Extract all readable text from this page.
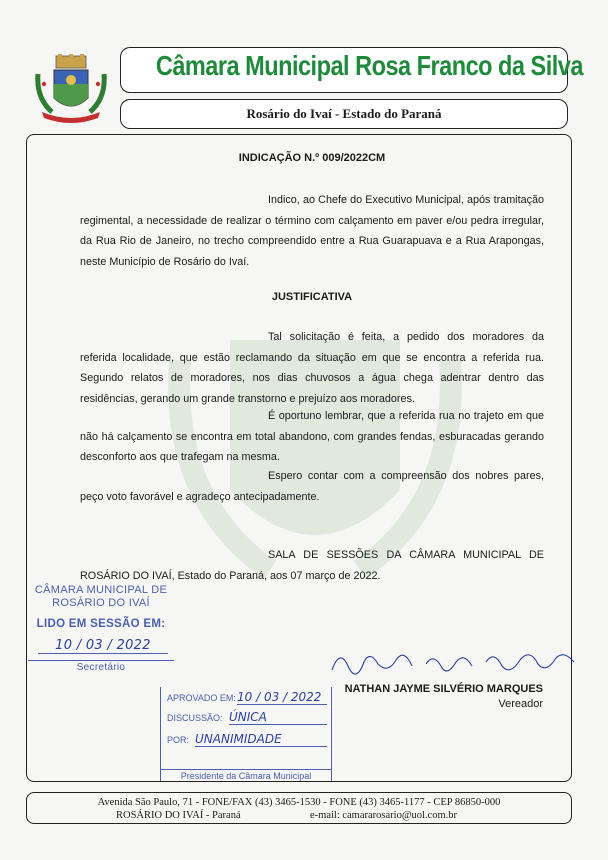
Câmara Municipal Rosa Franco da Silva
Rosário do Ivaí - Estado do Paraná
INDICAÇÃO N.º 009/2022CM
Indico, ao Chefe do Executivo Municipal, após tramitação regimental, a necessidade de realizar o término com calçamento em paver e/ou pedra irregular, da Rua Rio de Janeiro, no trecho compreendido entre a Rua Guarapuava e a Rua Arapongas, neste Município de Rosário do Ivaí.
JUSTIFICATIVA
Tal solicitação é feita, a pedido dos moradores da referida localidade, que estão reclamando da situação em que se encontra a referida rua. Segundo relatos de moradores, nos dias chuvosos a água chega adentrar dentro das residências, gerando um grande transtorno e prejuízo aos moradores.
É oportuno lembrar, que a referida rua no trajeto em que não há calçamento se encontra em total abandono, com grandes fendas, esburacadas gerando desconforto aos que trafegam na mesma.
Espero contar com a compreensão dos nobres pares, peço voto favorável e agradeço antecipadamente.
SALA DE SESSÕES DA CÂMARA MUNICIPAL DE ROSÁRIO DO IVAÍ, Estado do Paraná, aos 07 março de 2022.
CÂMARA MUNICIPAL DE
ROSÁRIO DO IVAÍ
LIDO EM SESSÃO EM:
10 / 03 / 2022
Secretário
APROVADO EM: 10 / 03 / 2022
DISCUSSÃO: ÚNICA
POR: UNANIMIDADE
Presidente da Câmara Municipal
NATHAN JAYME SILVÉRIO MARQUES
Vereador
Avenida São Paulo, 71 - FONE/FAX (43) 3465-1530 - FONE (43) 3465-1177 - CEP 86850-000
ROSÁRIO DO IVAÍ - Paraná	e-mail: camararosario@uol.com.br
